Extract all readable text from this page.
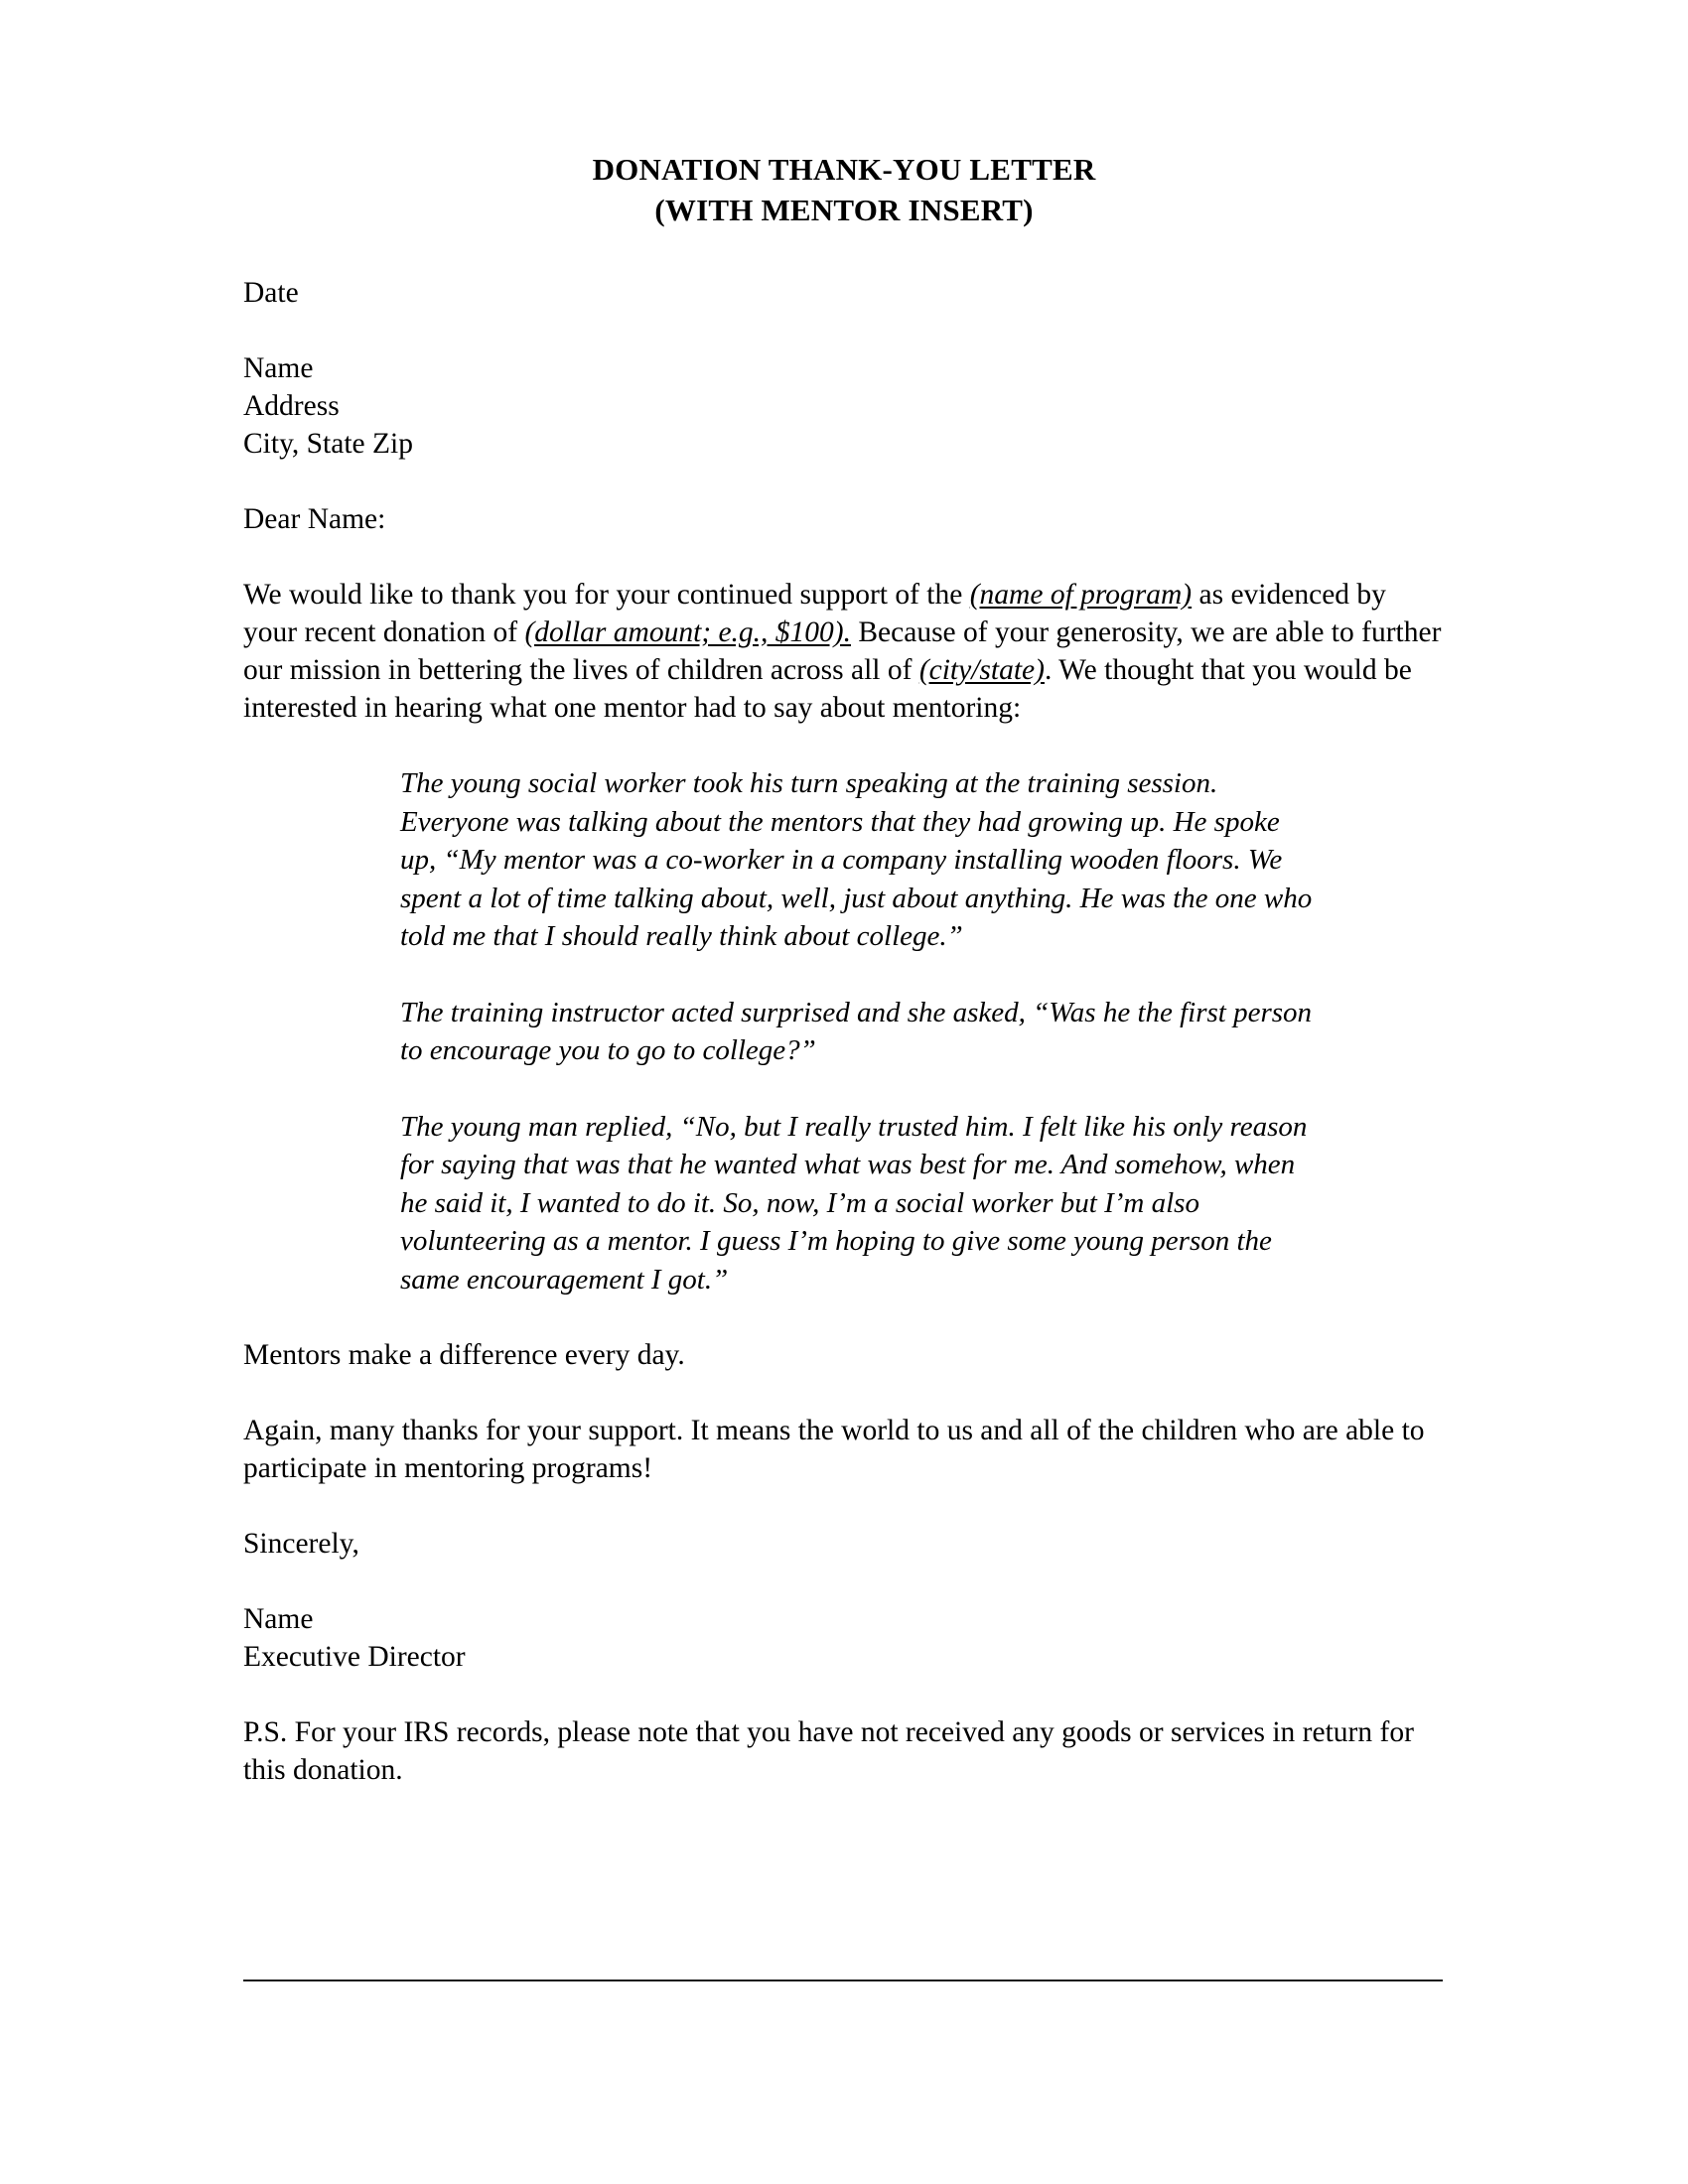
DONATION THANK-YOU LETTER
(WITH MENTOR INSERT)

Date

Name
Address
City, State Zip

Dear Name:

We would like to thank you for your continued support of the (name of program) as evidenced by your recent donation of (dollar amount; e.g., $100). Because of your generosity, we are able to further our mission in bettering the lives of children across all of (city/state). We thought that you would be interested in hearing what one mentor had to say about mentoring:

The young social worker took his turn speaking at the training session. Everyone was talking about the mentors that they had growing up. He spoke up, “My mentor was a co-worker in a company installing wooden floors. We spent a lot of time talking about, well, just about anything. He was the one who told me that I should really think about college.”

The training instructor acted surprised and she asked, “Was he the first person to encourage you to go to college?”

The young man replied, “No, but I really trusted him. I felt like his only reason for saying that was that he wanted what was best for me. And somehow, when he said it, I wanted to do it. So, now, I’m a social worker but I’m also volunteering as a mentor. I guess I’m hoping to give some young person the same encouragement I got.”

Mentors make a difference every day.

Again, many thanks for your support. It means the world to us and all of the children who are able to participate in mentoring programs!

Sincerely,

Name
Executive Director

P.S. For your IRS records, please note that you have not received any goods or services in return for this donation.
